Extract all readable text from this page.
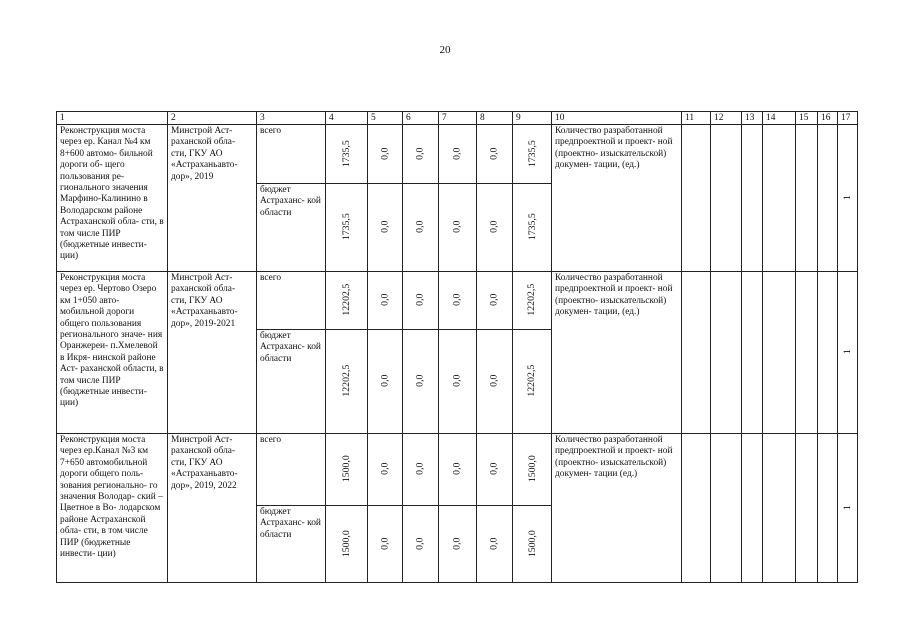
20
1	2	3	4	5	6	7	8	9	10	11	12	13	14	15	16	17
Реконструкция моста через ер. Канал №4 км 8+600 автомо- бильной дороги об- щего пользования ре- гионального значения Марфино-Калинино в Володарском районе Астраханской обла- сти, в том числе ПИР (бюджетные инвести- ции)	Минстрой Аст- раханской обла- сти, ГКУ АО «Астраханьавто- дор», 2019	всего	1735,5	0,0	0,0	0,0	0,0	1735,5	Количество разработанной предпроектной и проект- ной (проектно- изыскательской) докумен- тации, (ед.)							1
		бюджет Астраханс- кой области	1735,5	0,0	0,0	0,0	0,0	1735,5								
Реконструкция моста через ер. Чертово Озеро км 1+050 авто- мобильной дороги общего пользования регионального значе- ния Оранжереи- п.Хмелевой в Икря- нинской районе Аст- раханской области, в том числе ПИР (бюджетные инвести- ции)	Минстрой Аст- раханской обла- сти, ГКУ АО «Астраханьавто- дор», 2019-2021	всего	12202,5	0,0	0,0	0,0	0,0	12202,5	Количество разработанной предпроектной и проект- ной (проектно- изыскательской) докумен- тации, (ед.)							1
		бюджет Астраханс- кой области	12202,5	0,0	0,0	0,0	0,0	12202,5								
Реконструкция моста через ер.Канал №3 км 7+650 автомобильной дороги общего поль- зования регионально- го значения Володар- ский – Цветное в Во- лодарском районе Астраханской обла- сти, в том числе ПИР (бюджетные инвести- ции)	Минстрой Аст- раханской обла- сти, ГКУ АО «Астраханьавто- дор», 2019, 2022	всего	1500,0	0,0	0,0	0,0	0,0	1500,0	Количество разработанной предпроектной и проект- ной (проектно- изыскательской) докумен- тации (ед.)							1
		бюджет Астраханс- кой области	1500,0	0,0	0,0	0,0	0,0	1500,0								
